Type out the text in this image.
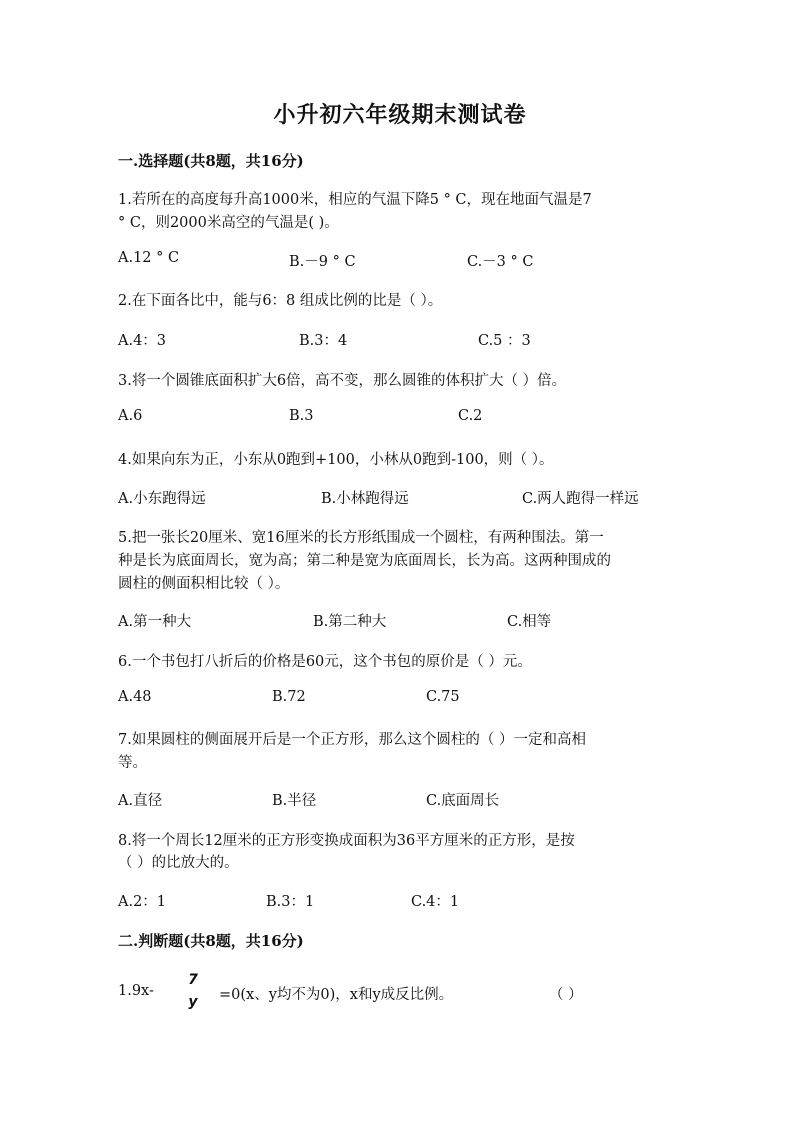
小升初六年级期末测试卷
一.选择题(共8题，共16分)
1.若所在的高度每升高1000米，相应的气温下降5 ° C，现在地面气温是7
° C，则2000米高空的气温是( )。
A.12 ° C	B.－9 ° C	C.－3 ° C
2.在下面各比中，能与6：8 组成比例的比是（ ）。
A.4：3	B.3：4	C.5 ：3
3.将一个圆锥底面积扩大6倍，高不变，那么圆锥的体积扩大（ ）倍。
A.6	B.3	C.2
4.如果向东为正，小东从0跑到+100，小林从0跑到-100，则（ ）。
A.小东跑得远	B.小林跑得远	C.两人跑得一样远
5.把一张长20厘米、宽16厘米的长方形纸围成一个圆柱，有两种围法。第一
种是长为底面周长，宽为高；第二种是宽为底面周长，长为高。这两种围成的
圆柱的侧面积相比较（ ）。
A.第一种大	B.第二种大	C.相等
6.一个书包打八折后的价格是60元，这个书包的原价是（ ）元。
A.48	B.72	C.75
7.如果圆柱的侧面展开后是一个正方形，那么这个圆柱的（ ）一定和高相
等。
A.直径	B.半径	C.底面周长
8.将一个周长12厘米的正方形变换成面积为36平方厘米的正方形，是按
（ ）的比放大的。
A.2：1	B.3：1	C.4：1
二.判断题(共8题，共16分)
1.9x-
7
y	=0(x、y均不为0)，x和y成反比例。	（ ）
